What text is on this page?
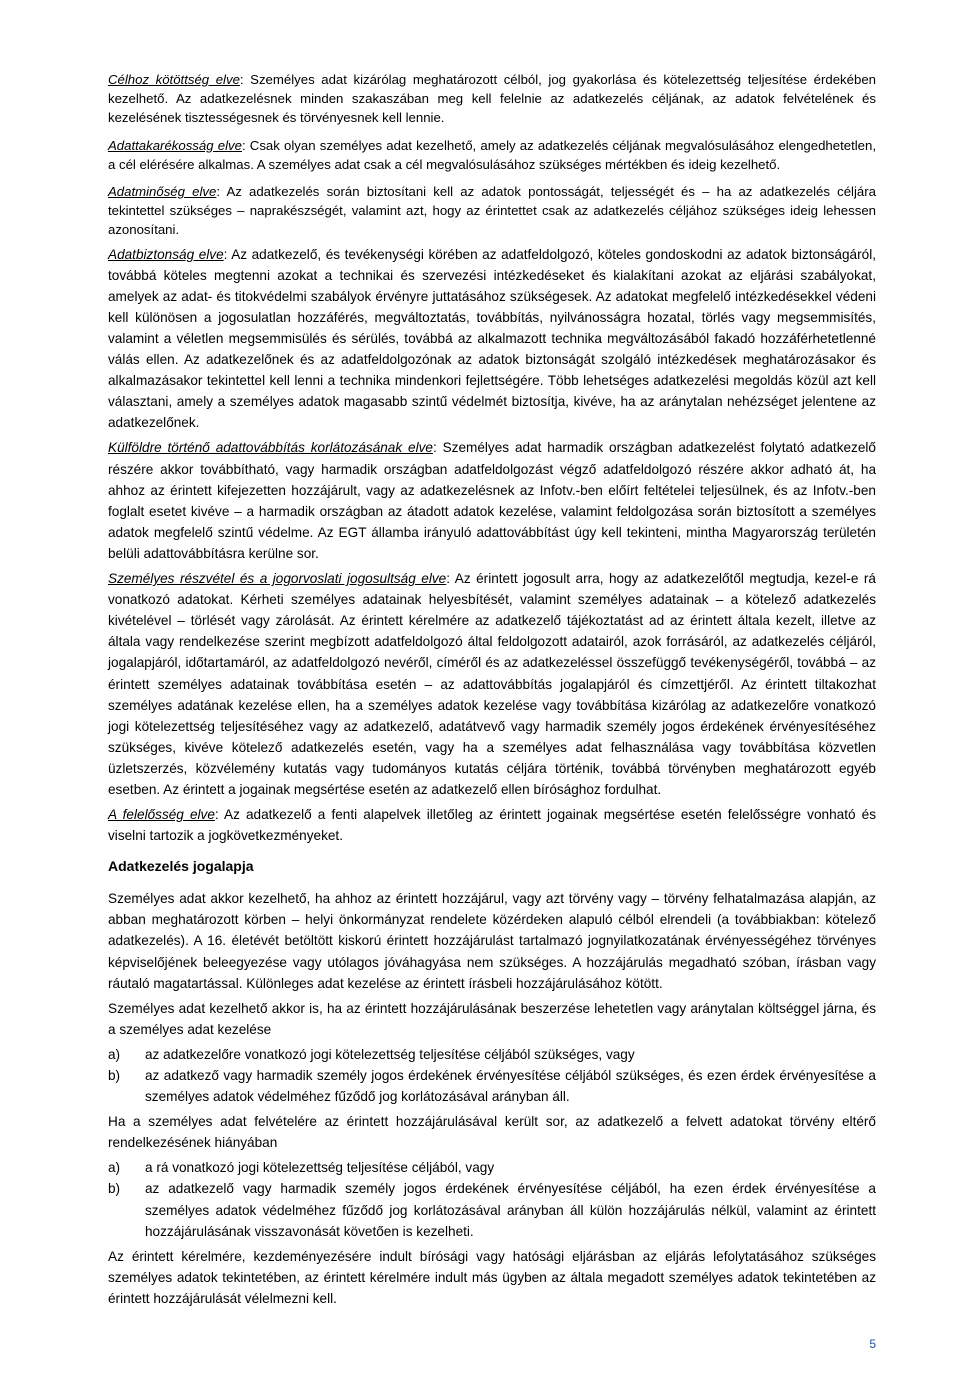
Célhoz kötöttség elve: Személyes adat kizárólag meghatározott célból, jog gyakorlása és kötelezettség teljesítése érdekében kezelhető. Az adatkezelésnek minden szakaszában meg kell felelnie az adatkezelés céljának, az adatok felvételének és kezelésének tisztességesnek és törvényesnek kell lennie.

Adattakarékosság elve: Csak olyan személyes adat kezelhető, amely az adatkezelés céljának megvalósulásához elengedhetetlen, a cél elérésére alkalmas. A személyes adat csak a cél megvalósulásához szükséges mértékben és ideig kezelhető.

Adatminőség elve: Az adatkezelés során biztosítani kell az adatok pontosságát, teljességét és – ha az adatkezelés céljára tekintettel szükséges – naprakészségét, valamint azt, hogy az érintettet csak az adatkezelés céljához szükséges ideig lehessen azonosítani.

Adatbiztonság elve: Az adatkezelő, és tevékenységi körében az adatfeldolgozó, köteles gondoskodni az adatok biztonságáról, továbbá köteles megtenni azokat a technikai és szervezési intézkedéseket és kialakítani azokat az eljárási szabályokat, amelyek az adat- és titokvédelmi szabályok érvényre juttatásához szükségesek. Az adatokat megfelelő intézkedésekkel védeni kell különösen a jogosulatlan hozzáférés, megváltoztatás, továbbítás, nyilvánosságra hozatal, törlés vagy megsemmisítés, valamint a véletlen megsemmisülés és sérülés, továbbá az alkalmazott technika megváltozásából fakadó hozzáférhetetlenné válás ellen. Az adatkezelőnek és az adatfeldolgozónak az adatok biztonságát szolgáló intézkedések meghatározásakor és alkalmazásakor tekintettel kell lenni a technika mindenkori fejlettségére. Több lehetséges adatkezelési megoldás közül azt kell választani, amely a személyes adatok magasabb szintű védelmét biztosítja, kivéve, ha az aránytalan nehézséget jelentene az adatkezelőnek.

Külföldre történő adattovábbítás korlátozásának elve: Személyes adat harmadik országban adatkezelést folytató adatkezelő részére akkor továbbítható, vagy harmadik országban adatfeldolgozást végző adatfeldolgozó részére akkor adható át, ha ahhoz az érintett kifejezetten hozzájárult, vagy az adatkezelésnek az Infotv.-ben előírt feltételei teljesülnek, és az Infotv.-ben foglalt esetet kivéve – a harmadik országban az átadott adatok kezelése, valamint feldolgozása során biztosított a személyes adatok megfelelő szintű védelme. Az EGT államba irányuló adattovábbítást úgy kell tekinteni, mintha Magyarország területén belüli adattovábbításra kerülne sor.

Személyes részvétel és a jogorvoslati jogosultság elve: Az érintett jogosult arra, hogy az adatkezelőtől megtudja, kezel-e rá vonatkozó adatokat. Kérheti személyes adatainak helyesbítését, valamint személyes adatainak – a kötelező adatkezelés kivételével – törlését vagy zárolását. Az érintett kérelmére az adatkezelő tájékoztatást ad az érintett általa kezelt, illetve az általa vagy rendelkezése szerint megbízott adatfeldolgozó által feldolgozott adatairól, azok forrásáról, az adatkezelés céljáról, jogalapjáról, időtartamáról, az adatfeldolgozó nevéről, címéről és az adatkezeléssel összefüggő tevékenységéről, továbbá – az érintett személyes adatainak továbbítása esetén – az adattovábbítás jogalapjáról és címzettjéről. Az érintett tiltakozhat személyes adatának kezelése ellen, ha a személyes adatok kezelése vagy továbbítása kizárólag az adatkezelőre vonatkozó jogi kötelezettség teljesítéséhez vagy az adatkezelő, adatátvevő vagy harmadik személy jogos érdekének érvényesítéséhez szükséges, kivéve kötelező adatkezelés esetén, vagy ha a személyes adat felhasználása vagy továbbítása közvetlen üzletszerzés, közvélemény kutatás vagy tudományos kutatás céljára történik, továbbá törvényben meghatározott egyéb esetben. Az érintett a jogainak megsértése esetén az adatkezelő ellen bírósághoz fordulhat.

A felelősség elve: Az adatkezelő a fenti alapelvek illetőleg az érintett jogainak megsértése esetén felelősségre vonható és viselni tartozik a jogkövetkezményeket.

Adatkezelés jogalapja

Személyes adat akkor kezelhető, ha ahhoz az érintett hozzájárul, vagy azt törvény vagy – törvény felhatalmazása alapján, az abban meghatározott körben – helyi önkormányzat rendelete közérdeken alapuló célból elrendeli (a továbbiakban: kötelező adatkezelés). A 16. életévét betöltött kiskorú érintett hozzájárulást tartalmazó jognyilatkozatának érvényességéhez törvényes képviselőjének beleegyezése vagy utólagos jóváhagyása nem szükséges. A hozzájárulás megadható szóban, írásban vagy ráutaló magatartással. Különleges adat kezelése az érintett írásbeli hozzájárulásához kötött.

Személyes adat kezelhető akkor is, ha az érintett hozzájárulásának beszerzése lehetetlen vagy aránytalan költséggel járna, és a személyes adat kezelése

a)	az adatkezelőre vonatkozó jogi kötelezettség teljesítése céljából szükséges, vagy
b)	az adatkező vagy harmadik személy jogos érdekének érvényesítése céljából szükséges, és ezen érdek érvényesítése a személyes adatok védelméhez fűződő jog korlátozásával arányban áll.

Ha a személyes adat felvételére az érintett hozzájárulásával került sor, az adatkezelő a felvett adatokat törvény eltérő rendelkezésének hiányában

a)	a rá vonatkozó jogi kötelezettség teljesítése céljából, vagy
b)	az adatkezelő vagy harmadik személy jogos érdekének érvényesítése céljából, ha ezen érdek érvényesítése a személyes adatok védelméhez fűződő jog korlátozásával arányban áll külön hozzájárulás nélkül, valamint az érintett hozzájárulásának visszavonását követően is kezelheti.

Az érintett kérelmére, kezdeményezésére indult bírósági vagy hatósági eljárásban az eljárás lefolytatásához szükséges személyes adatok tekintetében, az érintett kérelmére indult más ügyben az általa megadott személyes adatok tekintetében az érintett hozzájárulását vélelmezni kell.

5
